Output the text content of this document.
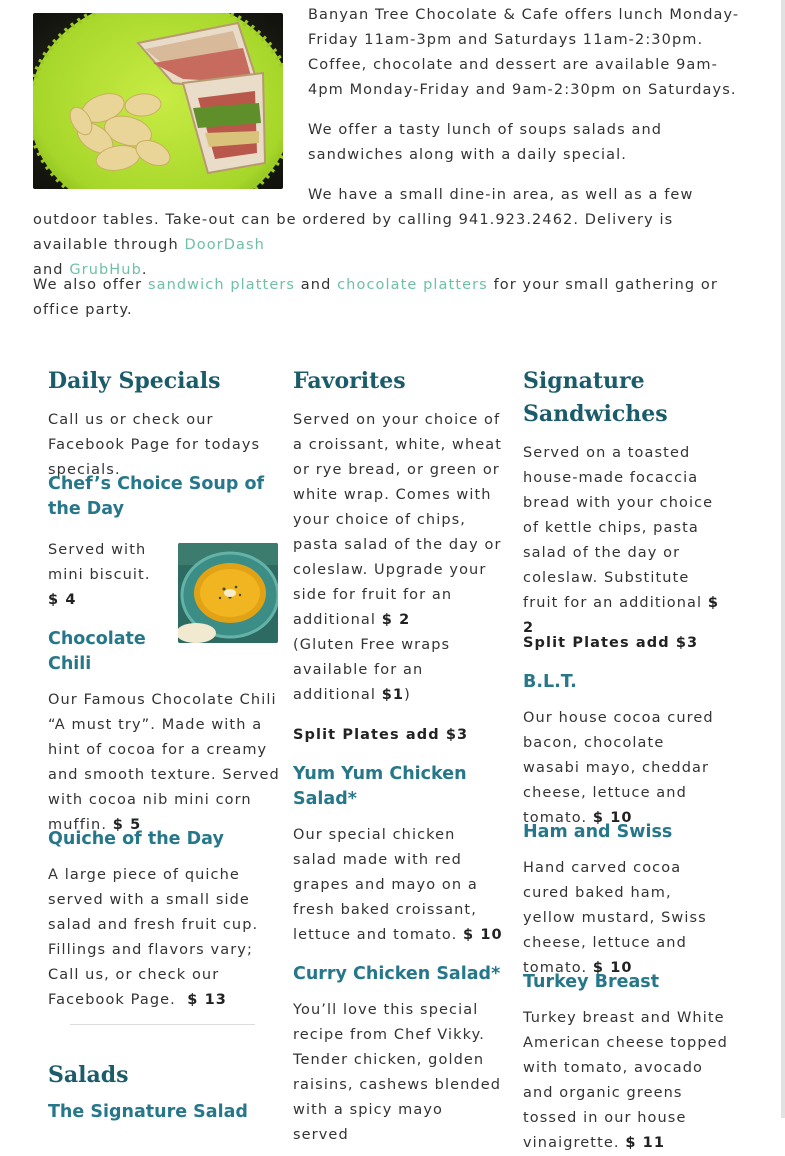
Banyan Tree Chocolate & Cafe offers lunch Monday-Friday 11am-3pm and Saturdays 11am-2:30pm. Coffee, chocolate and dessert are available 9am-4pm Monday-Friday and 9am-2:30pm on Saturdays.

We offer a tasty lunch of soups salads and sandwiches along with a daily special.

We have a small dine-in area, as well as a few outdoor tables. Take-out can be ordered by calling 941.923.2462. Delivery is available through DoorDash
and GrubHub.

We also offer sandwich platters and chocolate platters for your small gathering or office party.

Daily Specials

Call us or check our Facebook Page for todays specials.

Chef’s Choice Soup of the Day

Served with mini biscuit. $ 4

Chocolate Chili

Our Famous Chocolate Chili “A must try”. Made with a hint of cocoa for a creamy and smooth texture. Served with cocoa nib mini corn muffin. $ 5

Quiche of the Day

A large piece of quiche served with a small side salad and fresh fruit cup. Fillings and flavors vary; Call us, or check our Facebook Page. $ 13

Salads
The Signature Salad
Favorites

Served on your choice of a croissant, white, wheat or rye bread, or green or white wrap. Comes with your choice of chips, pasta salad of the day or coleslaw. Upgrade your side for fruit for an additional $ 2
(Gluten Free wraps available for an additional $1)

Split Plates add $3

Yum Yum Chicken Salad*

Our special chicken salad made with red grapes and mayo on a fresh baked croissant, lettuce and tomato. $ 10

Curry Chicken Salad*

You’ll love this special recipe from Chef Vikky. Tender chicken, golden raisins, cashews blended with a spicy mayo served

Signature Sandwiches

Served on a toasted house-made focaccia bread with your choice of kettle chips, pasta salad of the day or coleslaw. Substitute fruit for an additional $ 2

Split Plates add $3

B.L.T.

Our house cocoa cured bacon, chocolate wasabi mayo, cheddar cheese, lettuce and tomato. $ 10

Ham and Swiss

Hand carved cocoa cured baked ham, yellow mustard, Swiss cheese, lettuce and tomato. $ 10

Turkey Breast

Turkey breast and White American cheese topped with tomato, avocado and organic greens tossed in our house vinaigrette. $ 11
